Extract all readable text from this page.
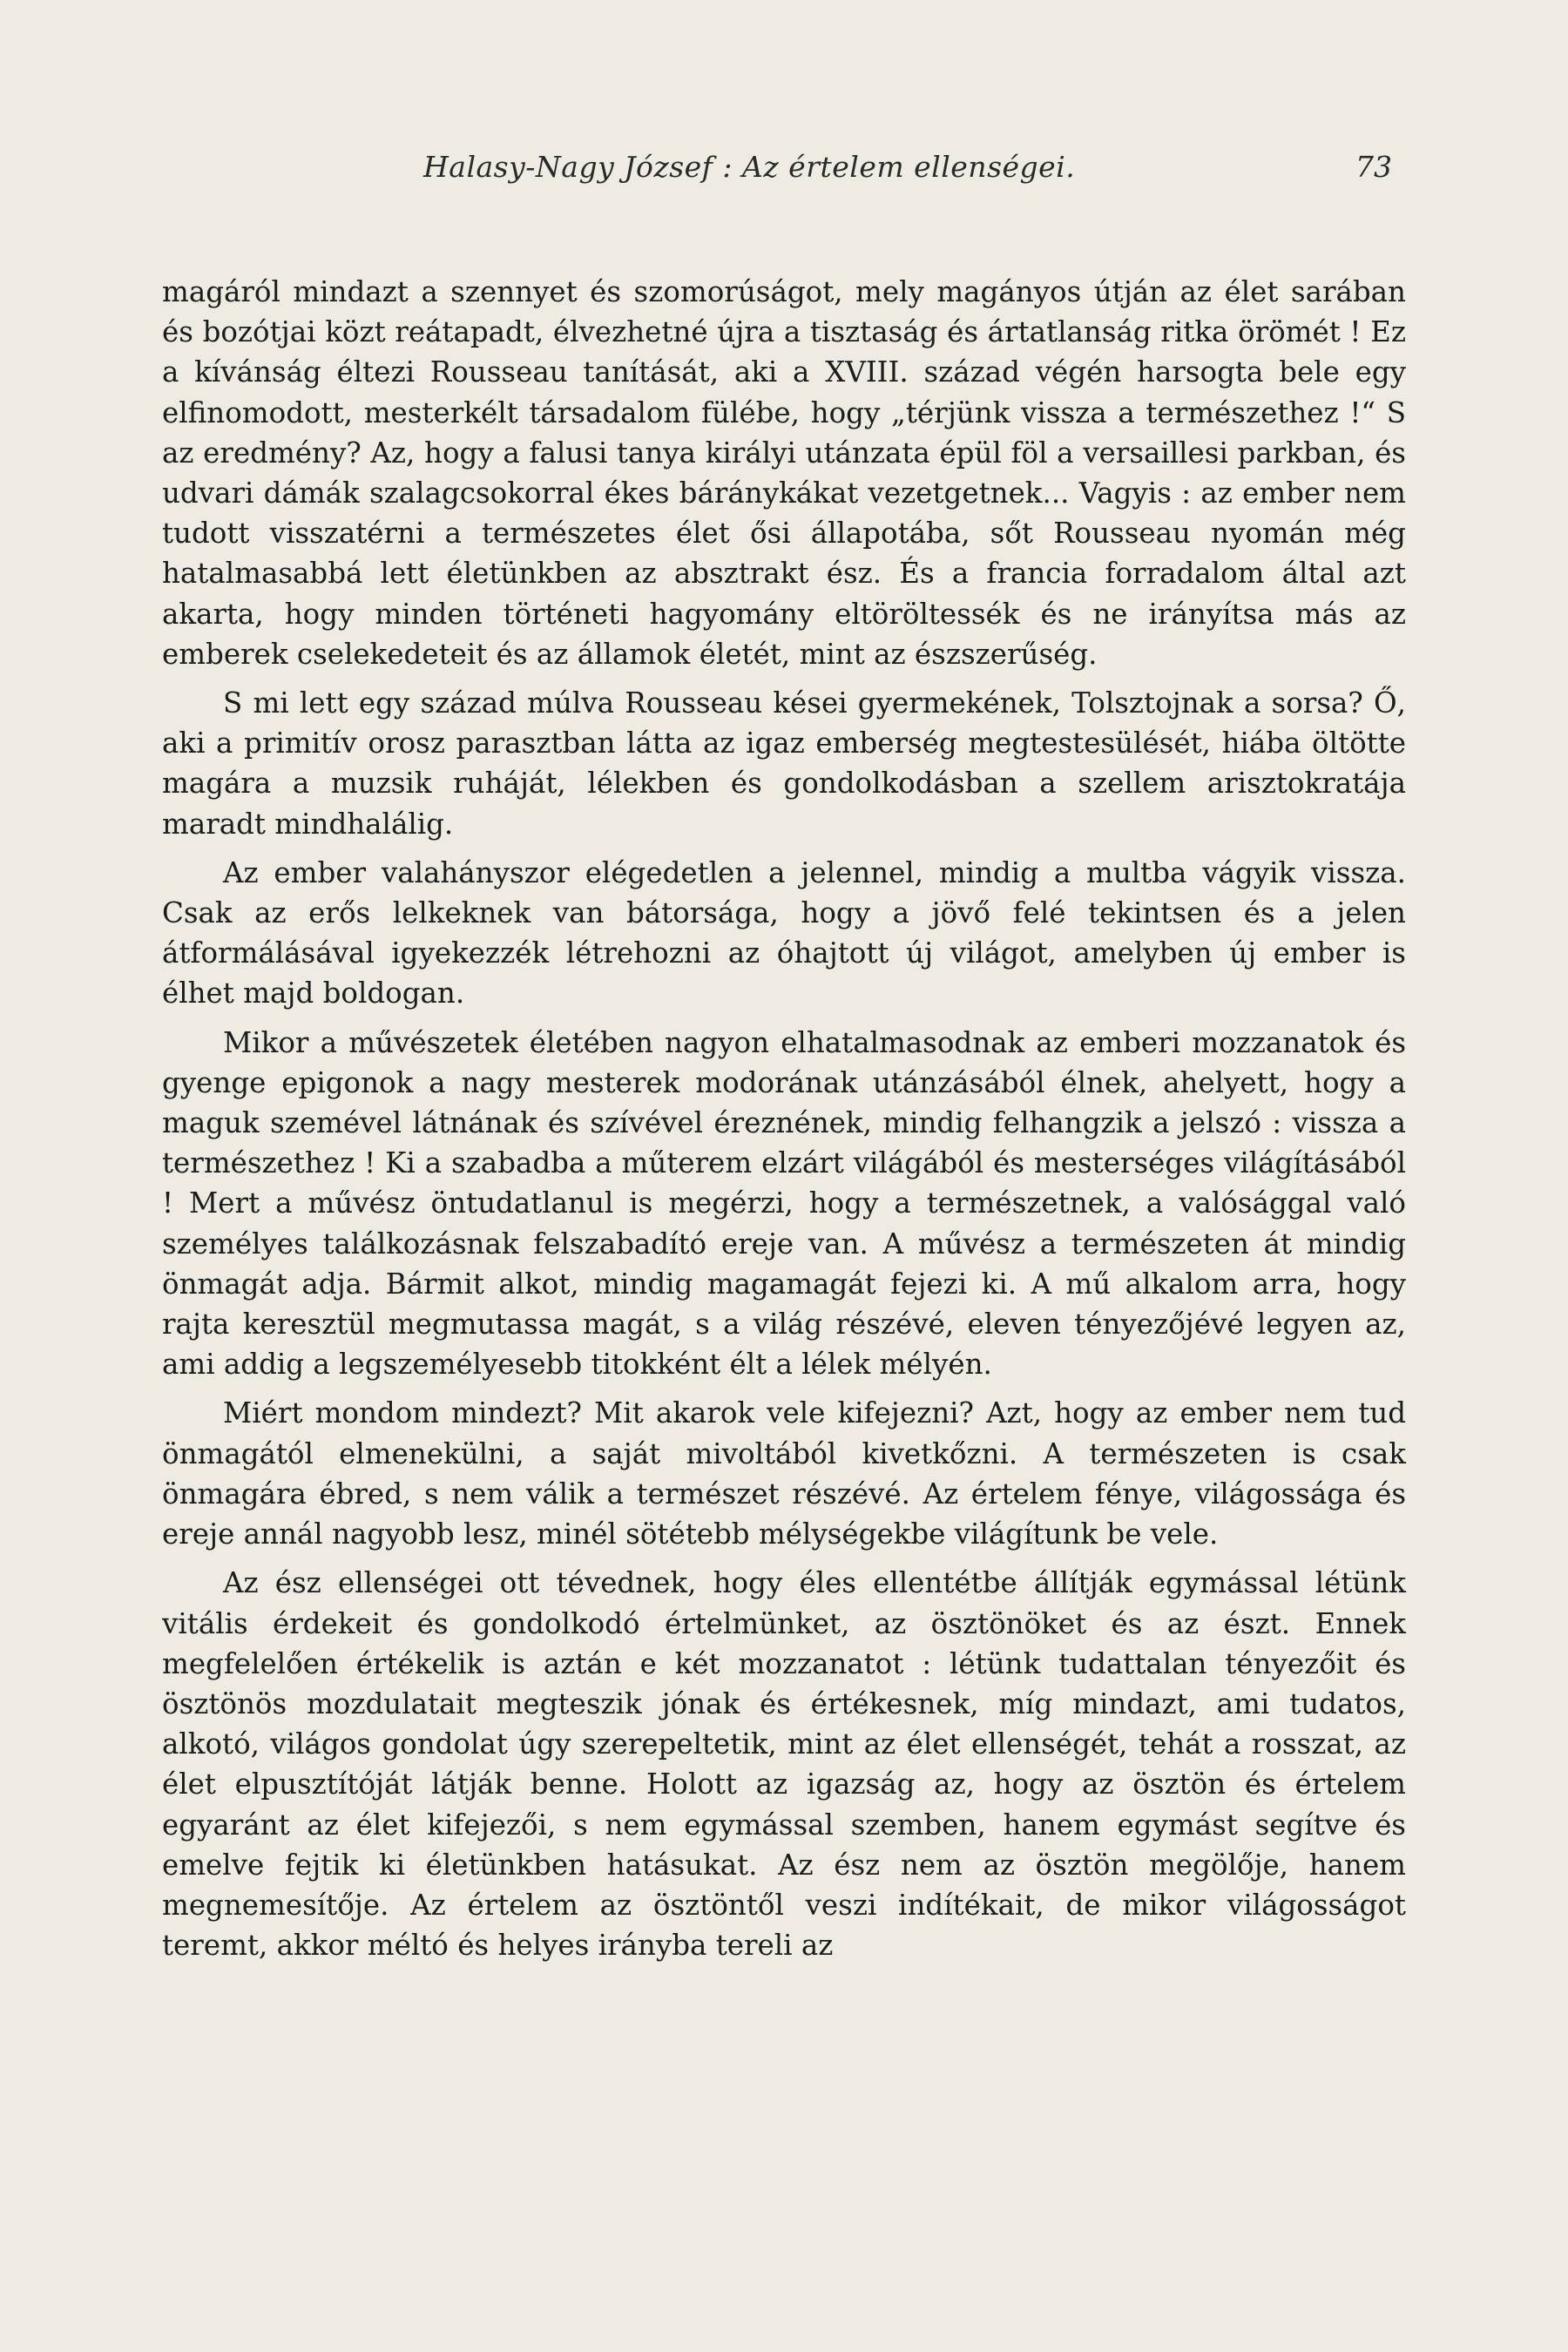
Halasy-Nagy József : Az értelem ellenségei.	73

magáról mindazt a szennyet és szomorúságot, mely magányos útján az élet sarában és bozótjai közt reátapadt, élvezhetné újra a tisztaság és ártatlanság ritka örömét ! Ez a kívánság éltezi Rousseau tanítását, aki a XVIII. század végén harsogta bele egy elfinomodott, mesterkélt társadalom fülébe, hogy „térjünk vissza a természethez !“ S az eredmény? Az, hogy a falusi tanya királyi utánzata épül föl a versaillesi parkban, és udvari dámák szalagcsokorral ékes báránykákat vezetgetnek... Vagyis : az ember nem tudott visszatérni a természetes élet ősi állapotába, sőt Rousseau nyomán még hatalmasabbá lett életünkben az absztrakt ész. És a francia forradalom által azt akarta, hogy minden történeti hagyomány eltöröltessék és ne irányítsa más az emberek cselekedeteit és az államok életét, mint az észszerűség.

S mi lett egy század múlva Rousseau kései gyermekének, Tolsztojnak a sorsa? Ő, aki a primitív orosz parasztban látta az igaz emberség megtestesülését, hiába öltötte magára a muzsik ruháját, lélekben és gondolkodásban a szellem arisztokratája maradt mindhalálig.

Az ember valahányszor elégedetlen a jelennel, mindig a multba vágyik vissza. Csak az erős lelkeknek van bátorsága, hogy a jövő felé tekintsen és a jelen átformálásával igyekezzék létrehozni az óhajtott új világot, amelyben új ember is élhet majd boldogan.

Mikor a művészetek életében nagyon elhatalmasodnak az emberi mozzanatok és gyenge epigonok a nagy mesterek modorának utánzásából élnek, ahelyett, hogy a maguk szemével látnának és szívével éreznének, mindig felhangzik a jelszó : vissza a természethez ! Ki a szabadba a műterem elzárt világából és mesterséges világításából ! Mert a művész öntudatlanul is megérzi, hogy a természetnek, a valósággal való személyes találkozásnak felszabadító ereje van. A művész a természeten át mindig önmagát adja. Bármit alkot, mindig magamagát fejezi ki. A mű alkalom arra, hogy rajta keresztül megmutassa magát, s a világ részévé, eleven tényezőjévé legyen az, ami addig a legszemélyesebb titokként élt a lélek mélyén.

Miért mondom mindezt? Mit akarok vele kifejezni? Azt, hogy az ember nem tud önmagától elmenekülni, a saját mivoltából kivetkőzni. A természeten is csak önmagára ébred, s nem válik a természet részévé. Az értelem fénye, világossága és ereje annál nagyobb lesz, minél sötétebb mélységekbe világítunk be vele.

Az ész ellenségei ott tévednek, hogy éles ellentétbe állítják egymással létünk vitális érdekeit és gondolkodó értelmünket, az ösztönöket és az észt. Ennek megfelelően értékelik is aztán e két mozzanatot : létünk tudattalan tényezőit és ösztönös mozdulatait megteszik jónak és értékesnek, míg mindazt, ami tudatos, alkotó, világos gondolat úgy szerepeltetik, mint az élet ellenségét, tehát a rosszat, az élet elpusztítóját látják benne. Holott az igazság az, hogy az ösztön és értelem egyaránt az élet kifejezői, s nem egymással szemben, hanem egymást segítve és emelve fejtik ki életünkben hatásukat. Az ész nem az ösztön megölője, hanem megnemesítője. Az értelem az ösztöntől veszi indítékait, de mikor világosságot teremt, akkor méltó és helyes irányba tereli az
